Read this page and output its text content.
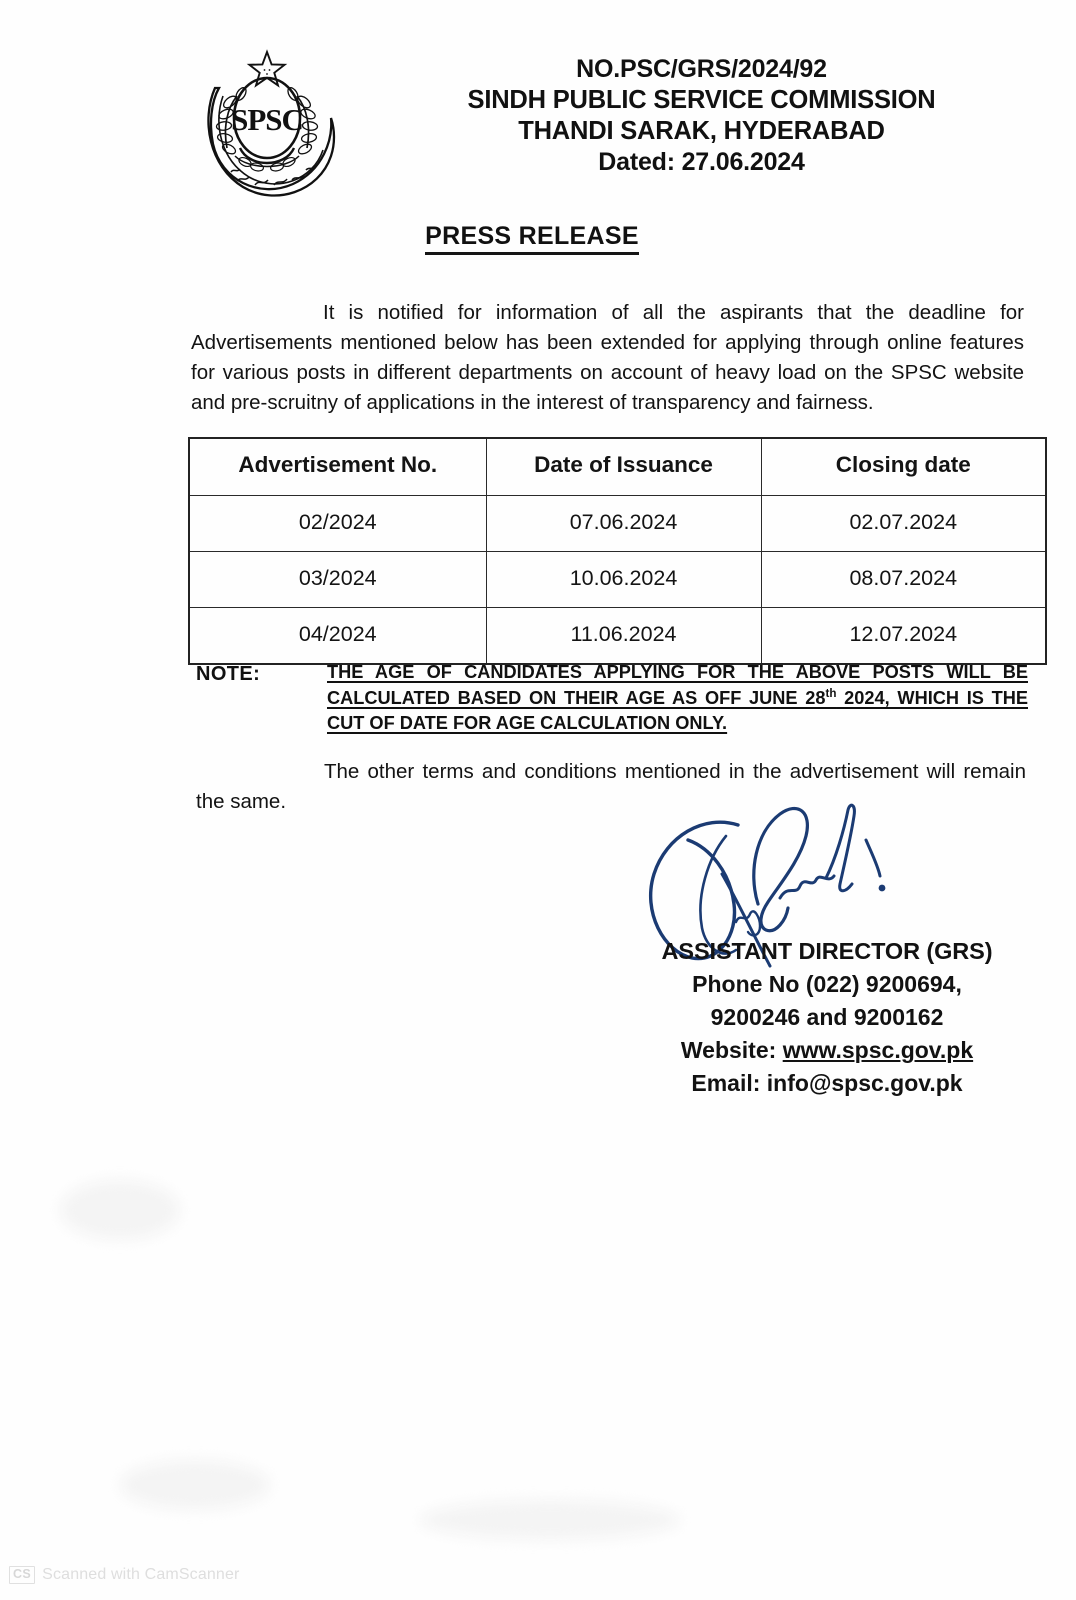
SPSC
NO.PSC/GRS/2024/92
SINDH PUBLIC SERVICE COMMISSION
THANDI SARAK, HYDERABAD
Dated: 27.06.2024
PRESS RELEASE
It is notified for information of all the aspirants that the deadline for Advertisements mentioned below has been extended for applying through online features for various posts in different departments on account of heavy load on the SPSC website and pre-scruitny of applications in the interest of transparency and fairness.
Advertisement No.	Date of Issuance	Closing date
02/2024	07.06.2024	02.07.2024
03/2024	10.06.2024	08.07.2024
04/2024	11.06.2024	12.07.2024
NOTE:	THE AGE OF CANDIDATES APPLYING FOR THE ABOVE POSTS WILL BE CALCULATED BASED ON THEIR AGE AS OFF JUNE 28th 2024, WHICH IS THE CUT OF DATE FOR AGE CALCULATION ONLY.
The other terms and conditions mentioned in the advertisement will remain the same.
ASSISTANT DIRECTOR (GRS)
Phone No (022) 9200694,
9200246 and 9200162
Website: www.spsc.gov.pk
Email: info@spsc.gov.pk
CS Scanned with CamScanner
